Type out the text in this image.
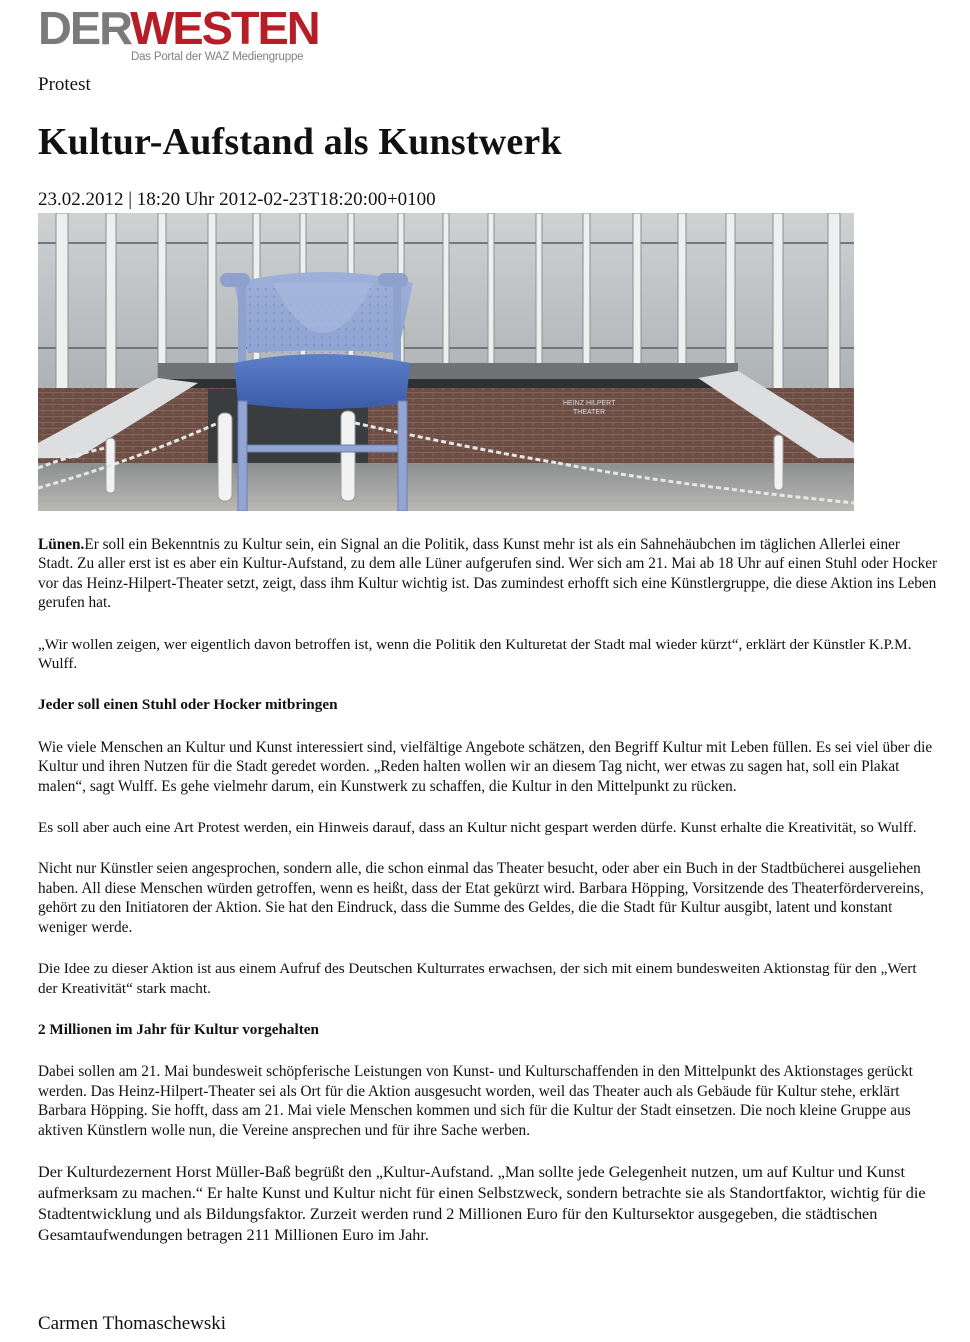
DERWESTEN
Das Portal der WAZ Mediengruppe
Protest
Kultur-Aufstand als Kunstwerk
23.02.2012 | 18:20 Uhr 2012-02-23T18:20:00+0100
HEINZ HILPERT
THEATER

Lünen.Er soll ein Bekenntnis zu Kultur sein, ein Signal an die Politik, dass Kunst mehr ist als ein Sahnehäubchen im täglichen Allerlei einer Stadt. Zu aller erst ist es aber ein Kultur-Aufstand, zu dem alle Lüner aufgerufen sind. Wer sich am 21. Mai ab 18 Uhr auf einen Stuhl oder Hocker vor das Heinz-Hilpert-Theater setzt, zeigt, dass ihm Kultur wichtig ist. Das zumindest erhofft sich eine Künstlergruppe, die diese Aktion ins Leben gerufen hat.

„Wir wollen zeigen, wer eigentlich davon betroffen ist, wenn die Politik den Kulturetat der Stadt mal wieder kürzt“, erklärt der Künstler K.P.M. Wulff.

Jeder soll einen Stuhl oder Hocker mitbringen

Wie viele Menschen an Kultur und Kunst interessiert sind, vielfältige Angebote schätzen, den Begriff Kultur mit Leben füllen. Es sei viel über die Kultur und ihren Nutzen für die Stadt geredet worden. „Reden halten wollen wir an diesem Tag nicht, wer etwas zu sagen hat, soll ein Plakat malen“, sagt Wulff. Es gehe vielmehr darum, ein Kunstwerk zu schaffen, die Kultur in den Mittelpunkt zu rücken.

Es soll aber auch eine Art Protest werden, ein Hinweis darauf, dass an Kultur nicht gespart werden dürfe. Kunst erhalte die Kreativität, so Wulff.

Nicht nur Künstler seien angesprochen, sondern alle, die schon einmal das Theater besucht, oder aber ein Buch in der Stadtbücherei ausgeliehen haben. All diese Menschen würden getroffen, wenn es heißt, dass der Etat gekürzt wird. Barbara Höpping, Vorsitzende des Theaterfördervereins, gehört zu den Initiatoren der Aktion. Sie hat den Eindruck, dass die Summe des Geldes, die die Stadt für Kultur ausgibt, latent und konstant weniger werde.

Die Idee zu dieser Aktion ist aus einem Aufruf des Deutschen Kulturrates erwachsen, der sich mit einem bundesweiten Aktionstag für den „Wert der Kreativität“ stark macht.

2 Millionen im Jahr für Kultur vorgehalten

Dabei sollen am 21. Mai bundesweit schöpferische Leistungen von Kunst- und Kulturschaffenden in den Mittelpunkt des Aktionstages gerückt werden. Das Heinz-Hilpert-Theater sei als Ort für die Aktion ausgesucht worden, weil das Theater auch als Gebäude für Kultur stehe, erklärt Barbara Höpping. Sie hofft, dass am 21. Mai viele Menschen kommen und sich für die Kultur der Stadt einsetzen. Die noch kleine Gruppe aus aktiven Künstlern wolle nun, die Vereine ansprechen und für ihre Sache werben.

Der Kulturdezernent Horst Müller-Baß begrüßt den „Kultur-Aufstand. „Man sollte jede Gelegenheit nutzen, um auf Kultur und Kunst aufmerksam zu machen.“ Er halte Kunst und Kultur nicht für einen Selbstzweck, sondern betrachte sie als Standortfaktor, wichtig für die Stadtentwicklung und als Bildungsfaktor. Zurzeit werden rund 2 Millionen Euro für den Kultursektor ausgegeben, die städtischen Gesamtaufwendungen betragen 211 Millionen Euro im Jahr.

Carmen Thomaschewski
